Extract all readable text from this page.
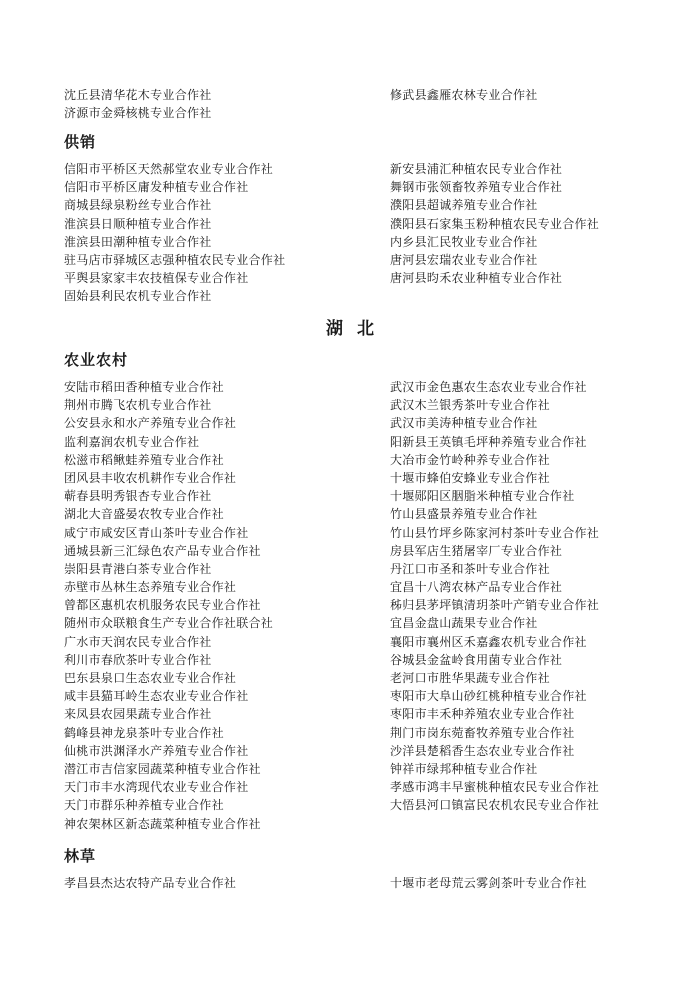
沈丘县清华花木专业合作社
济源市金舜核桃专业合作社
修武县鑫雁农林专业合作社
供销
信阳市平桥区天然郝堂农业专业合作社
信阳市平桥区庸发种植专业合作社
商城县绿泉粉丝专业合作社
淮滨县日顺种植专业合作社
淮滨县田潮种植专业合作社
驻马店市驿城区志强种植农民专业合作社
平舆县家家丰农技植保专业合作社
固始县利民农机专业合作社
新安县浦汇种植农民专业合作社
舞钢市张领畜牧养殖专业合作社
濮阳县超诚养殖专业合作社
濮阳县石家集玉粉种植农民专业合作社
内乡县汇民牧业专业合作社
唐河县宏瑞农业专业合作社
唐河县昀禾农业种植专业合作社
湖北
农业农村
安陆市稻田香种植专业合作社
荆州市腾飞农机专业合作社
公安县永和水产养殖专业合作社
监利嘉润农机专业合作社
松滋市稻鳅蛙养殖专业合作社
团风县丰收农机耕作专业合作社
蕲春县明秀银杏专业合作社
湖北大音盛晏农牧专业合作社
咸宁市咸安区青山茶叶专业合作社
通城县新三汇绿色农产品专业合作社
崇阳县青港白茶专业合作社
赤壁市丛林生态养殖专业合作社
曾都区惠机农机服务农民专业合作社
随州市众联粮食生产专业合作社联合社
广水市天润农民专业合作社
利川市春欣茶叶专业合作社
巴东县泉口生态农业专业合作社
咸丰县猫耳岭生态农业专业合作社
来凤县农园果蔬专业合作社
鹤峰县神龙泉茶叶专业合作社
仙桃市洪渊泽水产养殖专业合作社
潜江市吉信家园蔬菜种植专业合作社
天门市丰水湾现代农业专业合作社
天门市群乐种养植专业合作社
神农架林区新态蔬菜种植专业合作社
武汉市金色惠农生态农业专业合作社
武汉木兰银秀茶叶专业合作社
武汉市美涛种植专业合作社
阳新县王英镇毛坪种养殖专业合作社
大冶市金竹岭种养专业合作社
十堰市蜂伯安蜂业专业合作社
十堰郧阳区胭脂米种植专业合作社
竹山县盛景养殖专业合作社
竹山县竹坪乡陈家河村茶叶专业合作社
房县军店生猪屠宰厂专业合作社
丹江口市圣和茶叶专业合作社
宜昌十八湾农林产品专业合作社
秭归县茅坪镇清玥茶叶产销专业合作社
宜昌金盘山蔬果专业合作社
襄阳市襄州区禾嘉鑫农机专业合作社
谷城县金盆岭食用菌专业合作社
老河口市胜华果蔬专业合作社
枣阳市大阜山砂红桃种植专业合作社
枣阳市丰禾种养殖农业专业合作社
荆门市岗东菀畜牧养殖专业合作社
沙洋县楚稻香生态农业专业合作社
钟祥市绿邦种植专业合作社
孝感市鸿丰早蜜桃种植农民专业合作社
大悟县河口镇富民农机农民专业合作社
林草
孝昌县杰达农特产品专业合作社	十堰市老母荒云雾剑茶叶专业合作社
